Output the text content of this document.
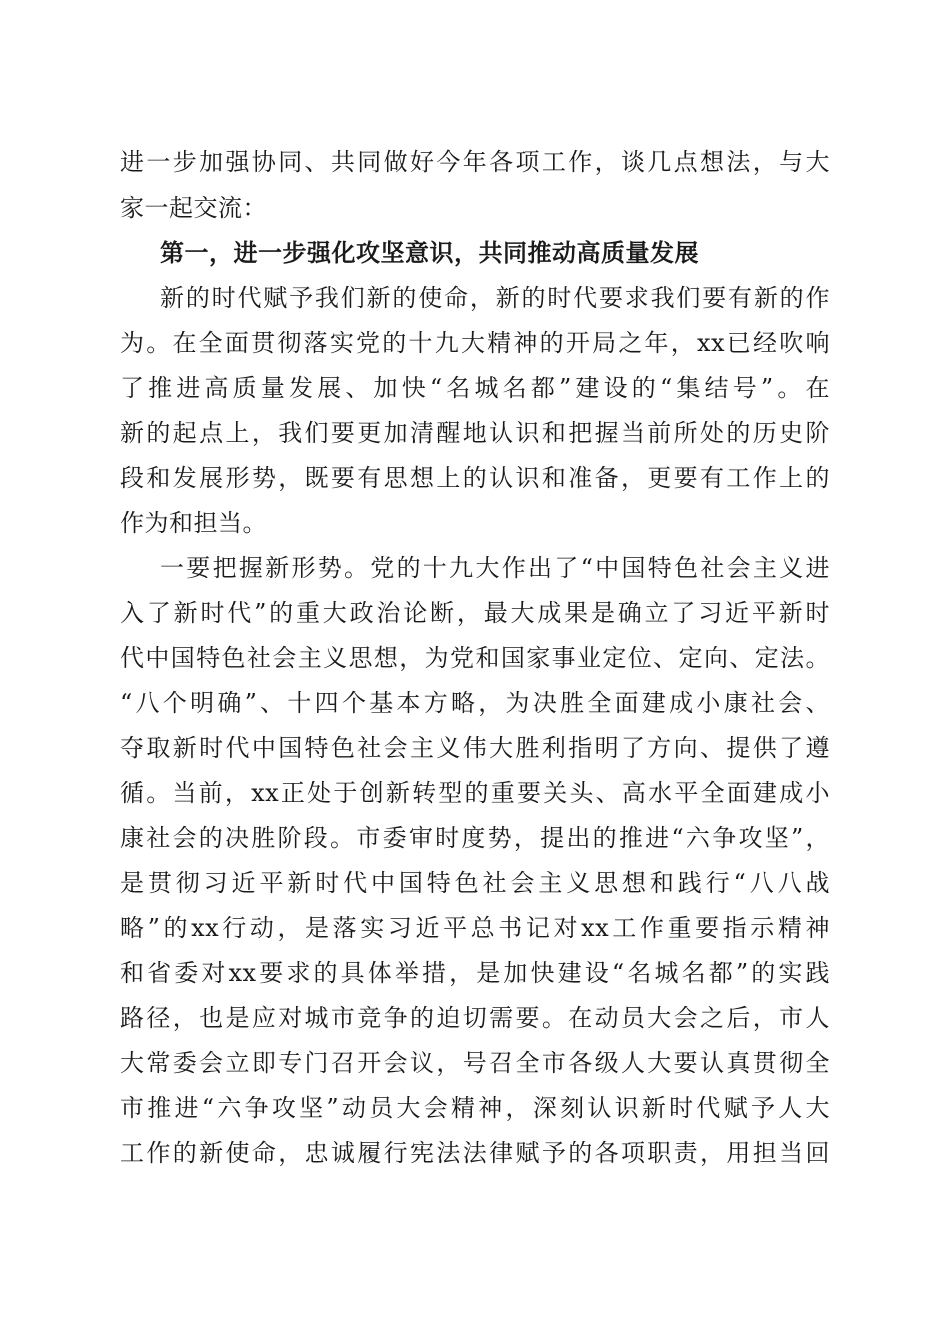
进一步加强协同、共同做好今年各项工作，谈几点想法，与大
家一起交流：
第一，进一步强化攻坚意识，共同推动高质量发展
新的时代赋予我们新的使命，新的时代要求我们要有新的作
为。在全面贯彻落实党的十九大精神的开局之年，xx已经吹响
了推进高质量发展、加快“名城名都”建设的“集结号”。在
新的起点上，我们要更加清醒地认识和把握当前所处的历史阶
段和发展形势，既要有思想上的认识和准备，更要有工作上的
作为和担当。
一要把握新形势。党的十九大作出了“中国特色社会主义进
入了新时代”的重大政治论断，最大成果是确立了习近平新时
代中国特色社会主义思想，为党和国家事业定位、定向、定法。
“八个明确”、十四个基本方略，为决胜全面建成小康社会、
夺取新时代中国特色社会主义伟大胜利指明了方向、提供了遵
循。当前，xx正处于创新转型的重要关头、高水平全面建成小
康社会的决胜阶段。市委审时度势，提出的推进“六争攻坚”，
是贯彻习近平新时代中国特色社会主义思想和践行“八八战
略”的xx行动，是落实习近平总书记对xx工作重要指示精神
和省委对xx要求的具体举措，是加快建设“名城名都”的实践
路径，也是应对城市竞争的迫切需要。在动员大会之后，市人
大常委会立即专门召开会议，号召全市各级人大要认真贯彻全
市推进“六争攻坚”动员大会精神，深刻认识新时代赋予人大
工作的新使命，忠诚履行宪法法律赋予的各项职责，用担当回
